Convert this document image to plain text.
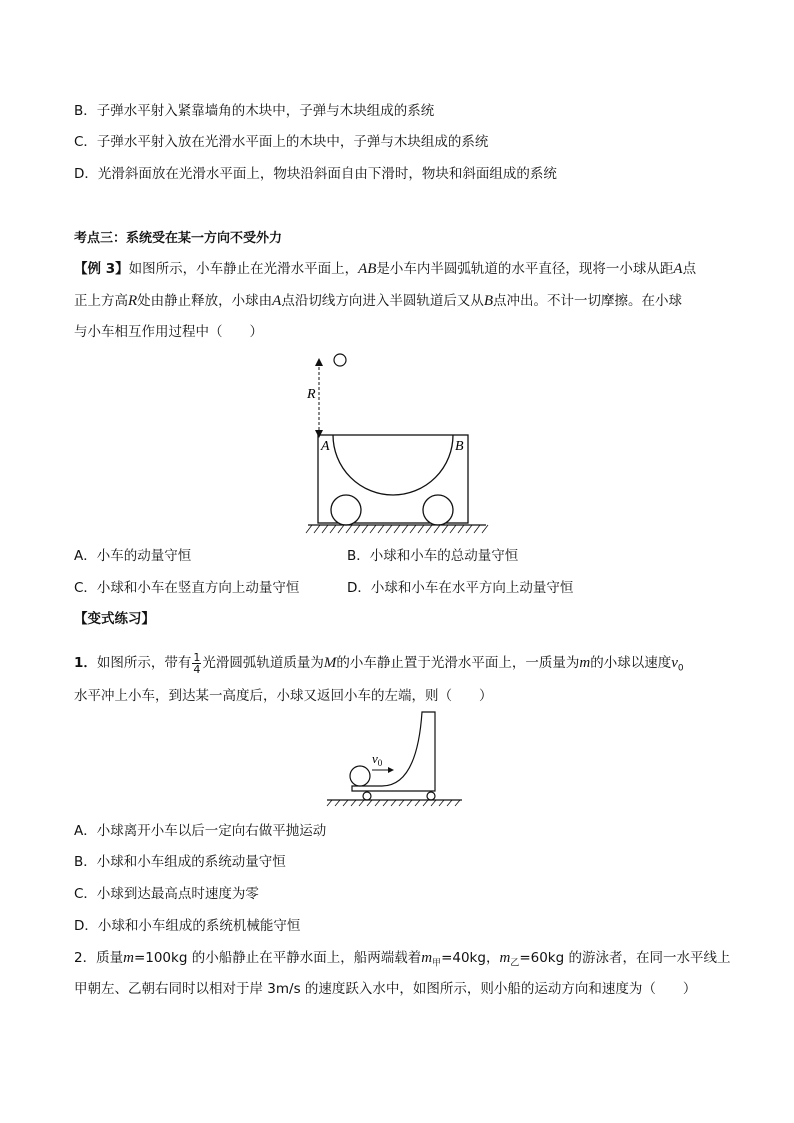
B．子弹水平射入紧靠墙角的木块中，子弹与木块组成的系统
C．子弹水平射入放在光滑水平面上的木块中，子弹与木块组成的系统
D．光滑斜面放在光滑水平面上，物块沿斜面自由下滑时，物块和斜面组成的系统
考点三：系统受在某一方向不受外力
【例 3】如图所示，小车静止在光滑水平面上，AB是小车内半圆弧轨道的水平直径，现将一小球从距A点
正上方高R处由静止释放，小球由A点沿切线方向进入半圆轨道后又从B点冲出。不计一切摩擦。在小球
与小车相互作用过程中（　　）
R
A	B
A．小车的动量守恒	B．小球和小车的总动量守恒
C．小球和小车在竖直方向上动量守恒	D．小球和小车在水平方向上动量守恒
【变式练习】
1．如图所示，带有 $\frac{1}{4}$ 光滑圆弧轨道质量为M的小车静止置于光滑水平面上，一质量为m的小球以速度$v_0$
水平冲上小车，到达某一高度后，小球又返回小车的左端，则（　　）
$v_0$
A．小球离开小车以后一定向右做平抛运动
B．小球和小车组成的系统动量守恒
C．小球到达最高点时速度为零
D．小球和小车组成的系统机械能守恒
2．质量m=100kg 的小船静止在平静水面上，船两端载着$m_甲=40kg$，$m_乙=60kg$ 的游泳者，在同一水平线上
甲朝左、乙朝右同时以相对于岸 3m/s 的速度跃入水中，如图所示，则小船的运动方向和速度为（　　）
